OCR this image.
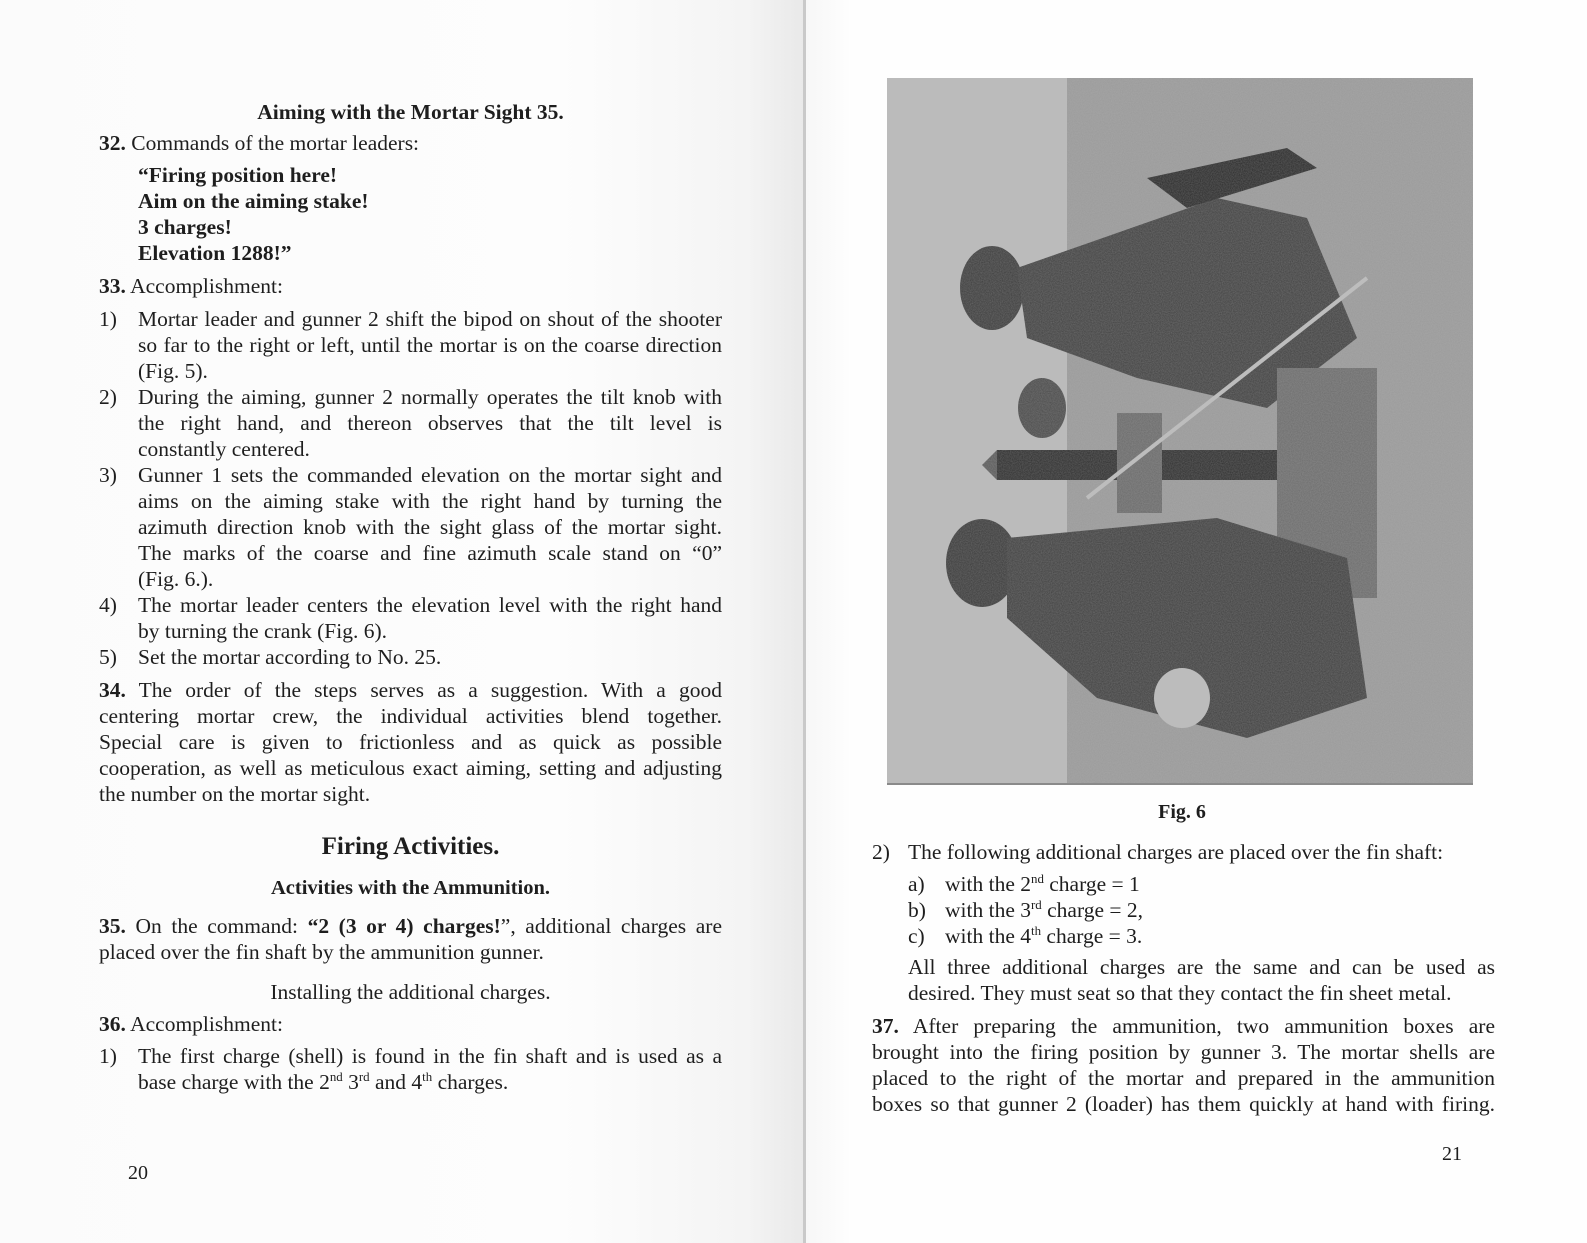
Aiming with the Mortar Sight 35.
32. Commands of the mortar leaders:
“Firing position here!
Aim on the aiming stake!
3 charges!
Elevation 1288!”
33. Accomplishment:
1) Mortar leader and gunner 2 shift the bipod on shout of the shooter
so far to the right or left, until the mortar is on the coarse direction
(Fig. 5).
2) During the aiming, gunner 2 normally operates the tilt knob with
the right hand, and thereon observes that the tilt level is
constantly centered.
3) Gunner 1 sets the commanded elevation on the mortar sight and
aims on the aiming stake with the right hand by turning the
azimuth direction knob with the sight glass of the mortar sight.
The marks of the coarse and fine azimuth scale stand on “0”
(Fig. 6.).
4) The mortar leader centers the elevation level with the right hand
by turning the crank (Fig. 6).
5) Set the mortar according to No. 25.
34. The order of the steps serves as a suggestion. With a good
centering mortar crew, the individual activities blend together.
Special care is given to frictionless and as quick as possible
cooperation, as well as meticulous exact aiming, setting and adjusting
the number on the mortar sight.
Firing Activities.
Activities with the Ammunition.
35. On the command: “2 (3 or 4) charges!”, additional charges are
placed over the fin shaft by the ammunition gunner.
Installing the additional charges.
36. Accomplishment:
1) The first charge (shell) is found in the fin shaft and is used as a
base charge with the 2nd 3rd and 4th charges.
20
Fig. 6
2) The following additional charges are placed over the fin shaft:
a) with the 2nd charge = 1
b) with the 3rd charge = 2,
c) with the 4th charge = 3.
All three additional charges are the same and can be used as
desired. They must seat so that they contact the fin sheet metal.
37. After preparing the ammunition, two ammunition boxes are
brought into the firing position by gunner 3. The mortar shells are
placed to the right of the mortar and prepared in the ammunition
boxes so that gunner 2 (loader) has them quickly at hand with firing.
21
